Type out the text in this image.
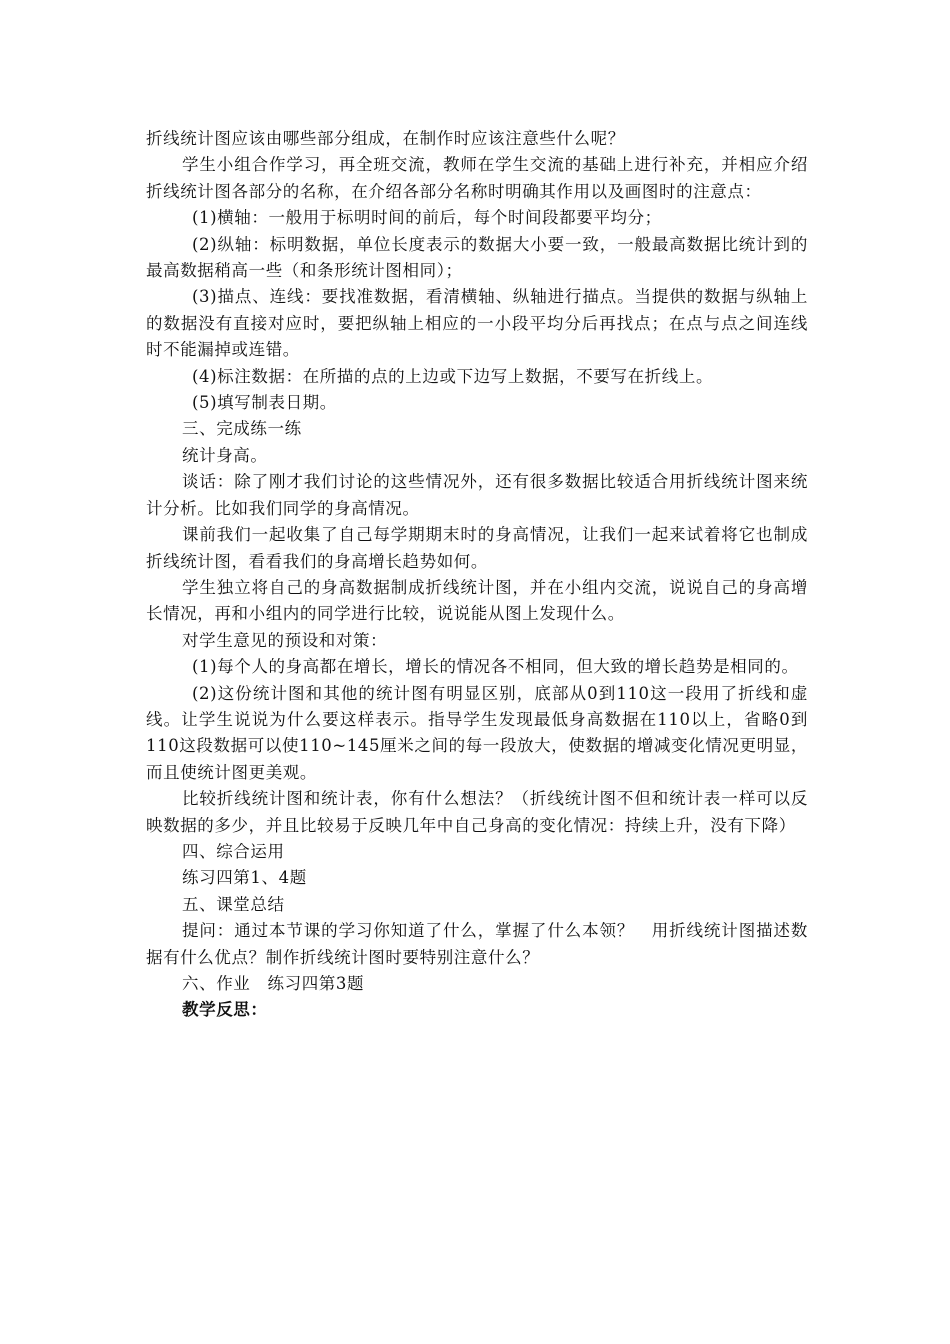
折线统计图应该由哪些部分组成，在制作时应该注意些什么呢？

学生小组合作学习，再全班交流，教师在学生交流的基础上进行补充，并相应介绍折线统计图各部分的名称，在介绍各部分名称时明确其作用以及画图时的注意点：

(1)横轴：一般用于标明时间的前后，每个时间段都要平均分；

(2)纵轴：标明数据，单位长度表示的数据大小要一致，一般最高数据比统计到的最高数据稍高一些（和条形统计图相同）；

(3)描点、连线：要找准数据，看清横轴、纵轴进行描点。当提供的数据与纵轴上的数据没有直接对应时，要把纵轴上相应的一小段平均分后再找点；在点与点之间连线时不能漏掉或连错。

(4)标注数据：在所描的点的上边或下边写上数据，不要写在折线上。

(5)填写制表日期。

三、完成练一练

统计身高。

谈话：除了刚才我们讨论的这些情况外，还有很多数据比较适合用折线统计图来统计分析。比如我们同学的身高情况。

课前我们一起收集了自己每学期期末时的身高情况，让我们一起来试着将它也制成折线统计图，看看我们的身高增长趋势如何。

学生独立将自己的身高数据制成折线统计图，并在小组内交流，说说自己的身高增长情况，再和小组内的同学进行比较，说说能从图上发现什么。

对学生意见的预设和对策：

(1)每个人的身高都在增长，增长的情况各不相同，但大致的增长趋势是相同的。

(2)这份统计图和其他的统计图有明显区别，底部从0到110这一段用了折线和虚线。让学生说说为什么要这样表示。指导学生发现最低身高数据在110以上，省略0到110这段数据可以使110~145厘米之间的每一段放大，使数据的增减变化情况更明显，而且使统计图更美观。

比较折线统计图和统计表，你有什么想法？（折线统计图不但和统计表一样可以反映数据的多少，并且比较易于反映几年中自己身高的变化情况：持续上升，没有下降）

四、综合运用

练习四第1、4题

五、课堂总结

提问：通过本节课的学习你知道了什么，掌握了什么本领？　用折线统计图描述数据有什么优点？制作折线统计图时要特别注意什么？

六、作业　练习四第3题

教学反思：
